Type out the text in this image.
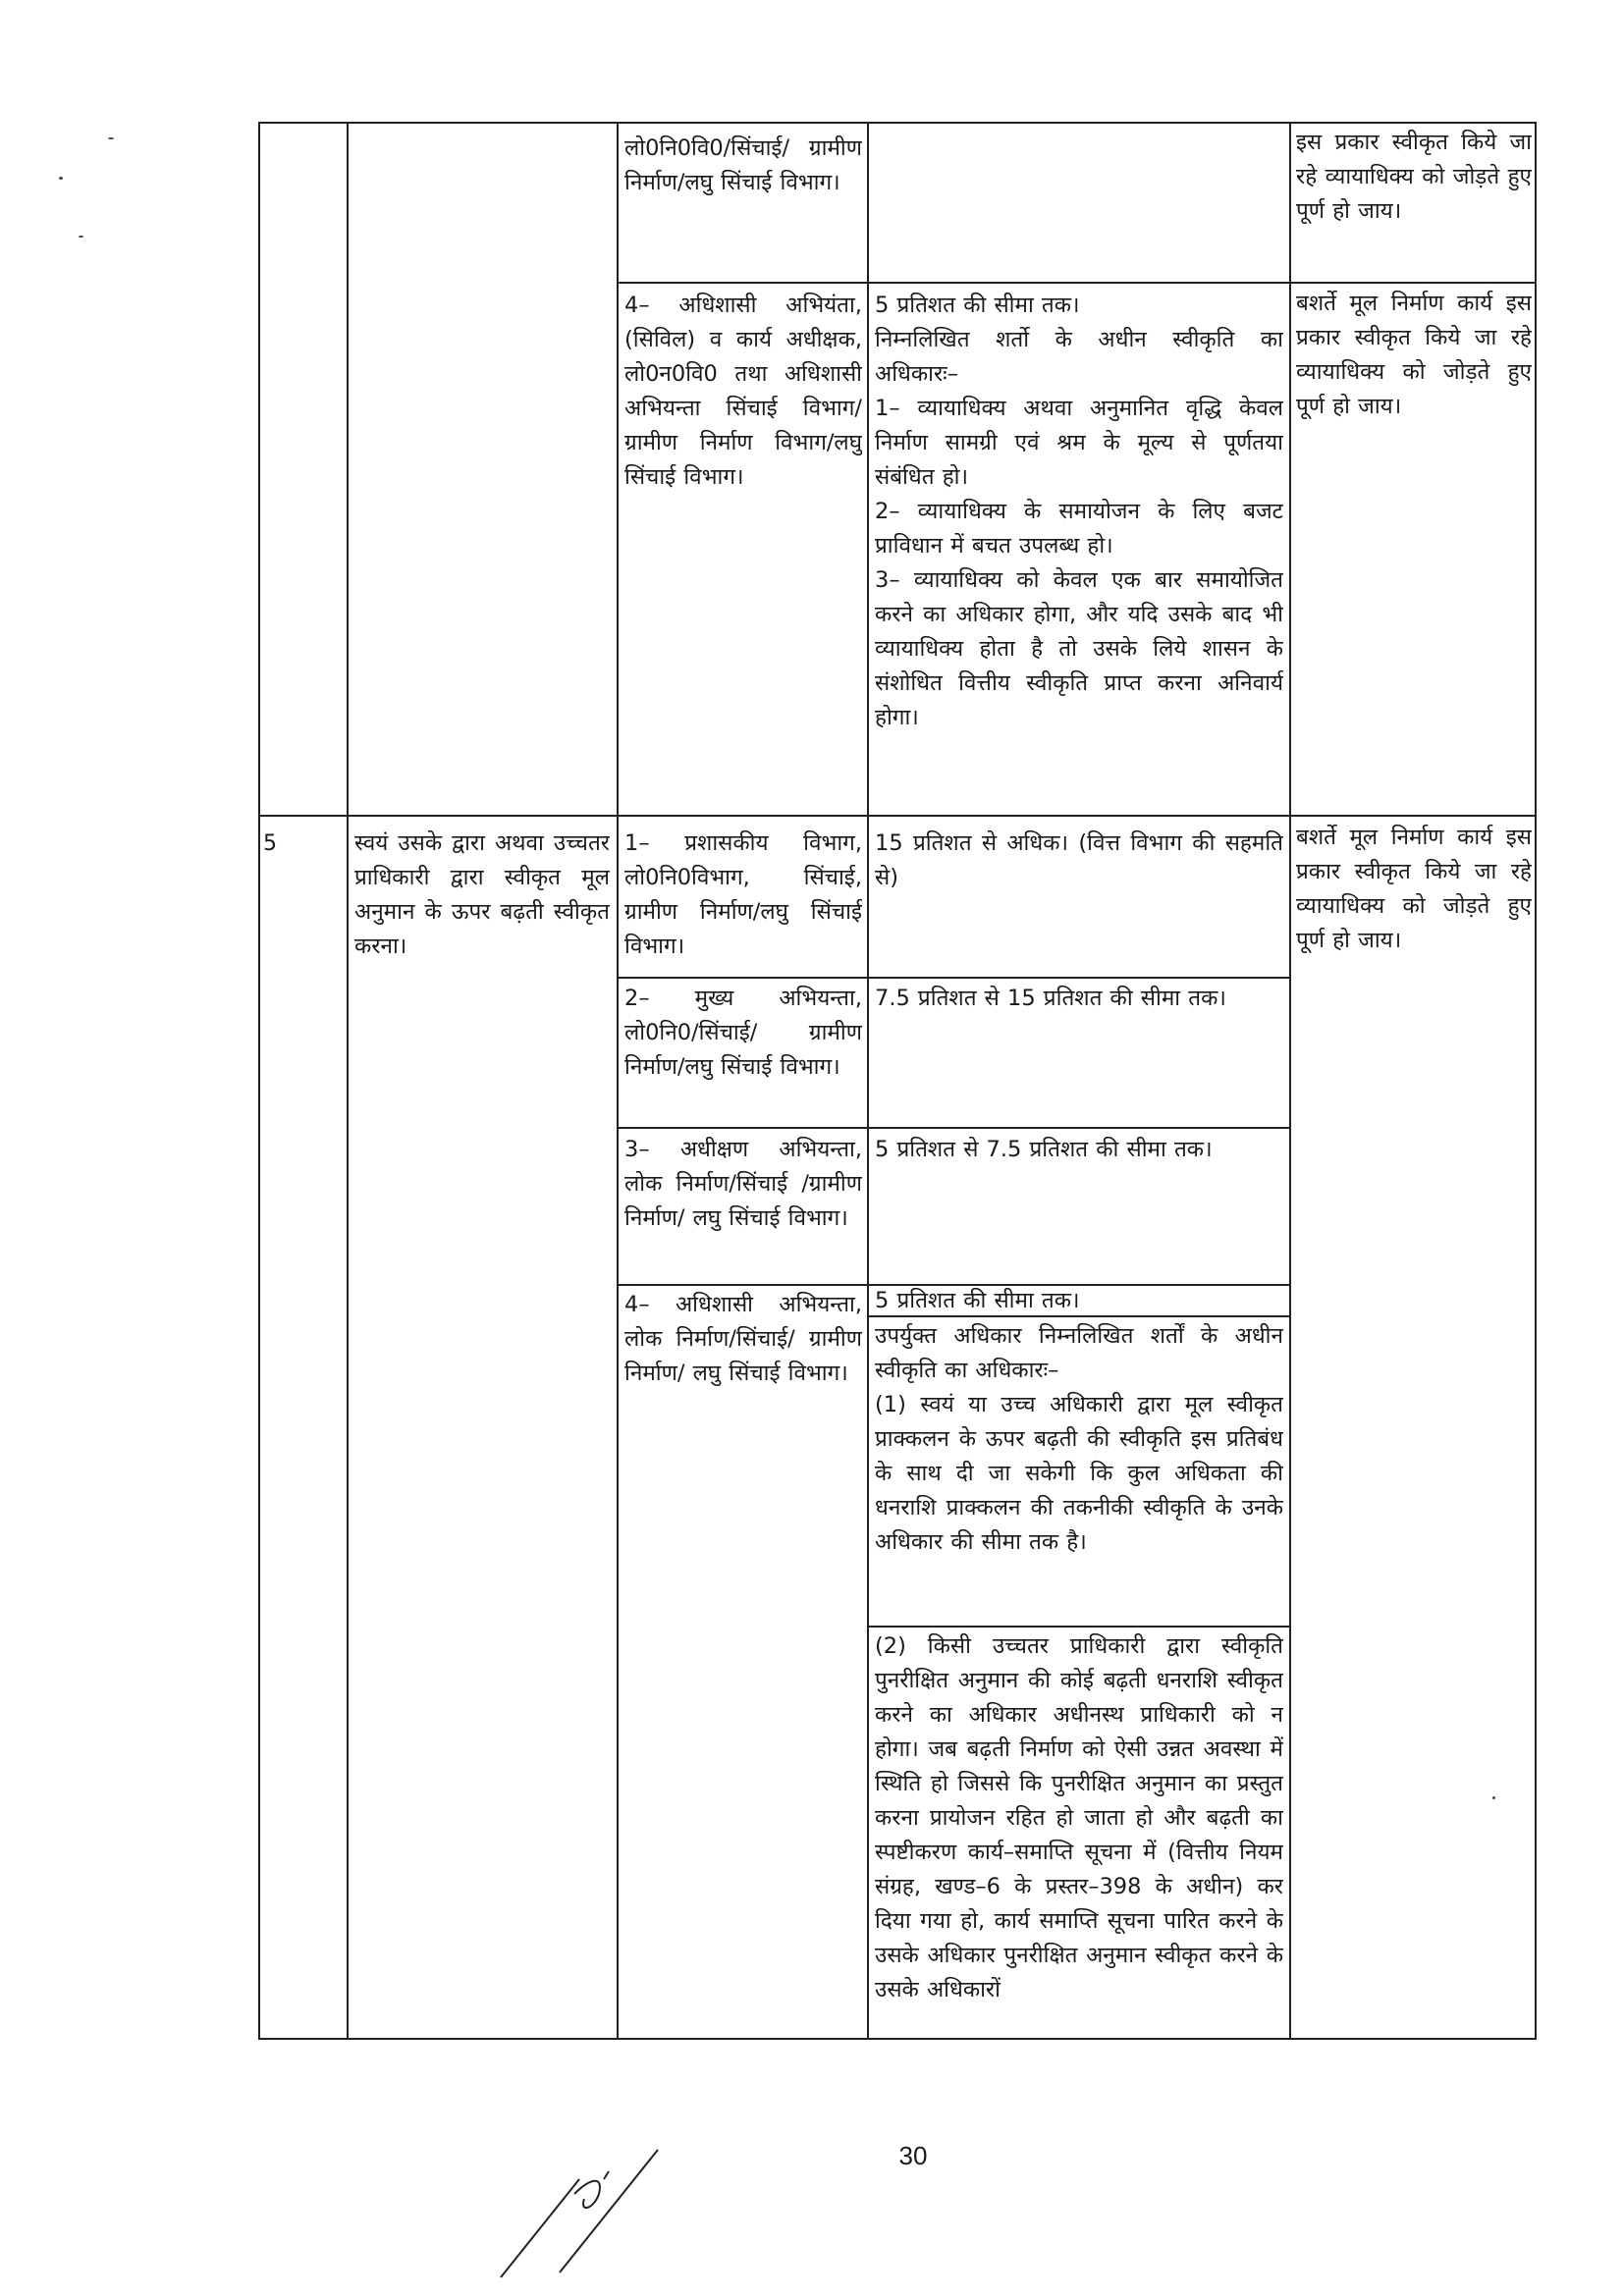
लो0नि0वि0/सिंचाई/ ग्रामीण निर्माण/लघु सिंचाई विभाग।
इस प्रकार स्वीकृत किये जा रहे व्यायाधिक्य को जोड़ते हुए पूर्ण हो जाय।
4– अधिशासी अभियंता, (सिविल) व कार्य अधीक्षक, लो0न0वि0 तथा अधिशासी अभियन्ता सिंचाई विभाग/ग्रामीण निर्माण विभाग/लघु सिंचाई विभाग।
5 प्रतिशत की सीमा तक।
निम्नलिखित शर्तो के अधीन स्वीकृति का अधिकारः–
1– व्यायाधिक्य अथवा अनुमानित वृद्धि केवल निर्माण सामग्री एवं श्रम के मूल्य से पूर्णतया संबंधित हो।
2– व्यायाधिक्य के समायोजन के लिए बजट प्राविधान में बचत उपलब्ध हो।
3– व्यायाधिक्य को केवल एक बार समायोजित करने का अधिकार होगा, और यदि उसके बाद भी व्यायाधिक्य होता है तो उसके लिये शासन के संशोधित वित्तीय स्वीकृति प्राप्त करना अनिवार्य होगा।
बशर्ते मूल निर्माण कार्य इस प्रकार स्वीकृत किये जा रहे व्यायाधिक्य को जोड़ते हुए पूर्ण हो जाय।
5	स्वयं उसके द्वारा अथवा उच्चतर प्राधिकारी द्वारा स्वीकृत मूल अनुमान के ऊपर बढ़ती स्वीकृत करना।
1– प्रशासकीय विभाग, लो0नि0विभाग, सिंचाई, ग्रामीण निर्माण/लघु सिंचाई विभाग।
15 प्रतिशत से अधिक। (वित्त विभाग की सहमति से)
2– मुख्य अभियन्ता, लो0नि0/सिंचाई/ ग्रामीण निर्माण/लघु सिंचाई विभाग।
7.5 प्रतिशत से 15 प्रतिशत की सीमा तक।
3– अधीक्षण अभियन्ता, लोक निर्माण/सिंचाई /ग्रामीण निर्माण/ लघु सिंचाई विभाग।
5 प्रतिशत से 7.5 प्रतिशत की सीमा तक।
4– अधिशासी अभियन्ता, लोक निर्माण/सिंचाई/ ग्रामीण निर्माण/ लघु सिंचाई विभाग।
5 प्रतिशत की सीमा तक।
उपर्युक्त अधिकार निम्नलिखित शर्तों के अधीन स्वीकृति का अधिकारः–
(1) स्वयं या उच्च अधिकारी द्वारा मूल स्वीकृत प्राक्कलन के ऊपर बढ़ती की स्वीकृति इस प्रतिबंध के साथ दी जा सकेगी कि कुल अधिकता की धनराशि प्राक्कलन की तकनीकी स्वीकृति के उनके अधिकार की सीमा तक है।
(2) किसी उच्चतर प्राधिकारी द्वारा स्वीकृति पुनरीक्षित अनुमान की कोई बढ़ती धनराशि स्वीकृत करने का अधिकार अधीनस्थ प्राधिकारी को न होगा। जब बढ़ती निर्माण को ऐसी उन्नत अवस्था में स्थिति हो जिससे कि पुनरीक्षित अनुमान का प्रस्तुत करना प्रायोजन रहित हो जाता हो और बढ़ती का स्पष्टीकरण कार्य–समाप्ति सूचना में (वित्तीय नियम संग्रह, खण्ड–6 के प्रस्तर–398 के अधीन) कर दिया गया हो, कार्य समाप्ति सूचना पारित करने के उसके अधिकार पुनरीक्षित अनुमान स्वीकृत करने के उसके अधिकारों
बशर्ते मूल निर्माण कार्य इस प्रकार स्वीकृत किये जा रहे व्यायाधिक्य को जोड़ते हुए पूर्ण हो जाय।
30
